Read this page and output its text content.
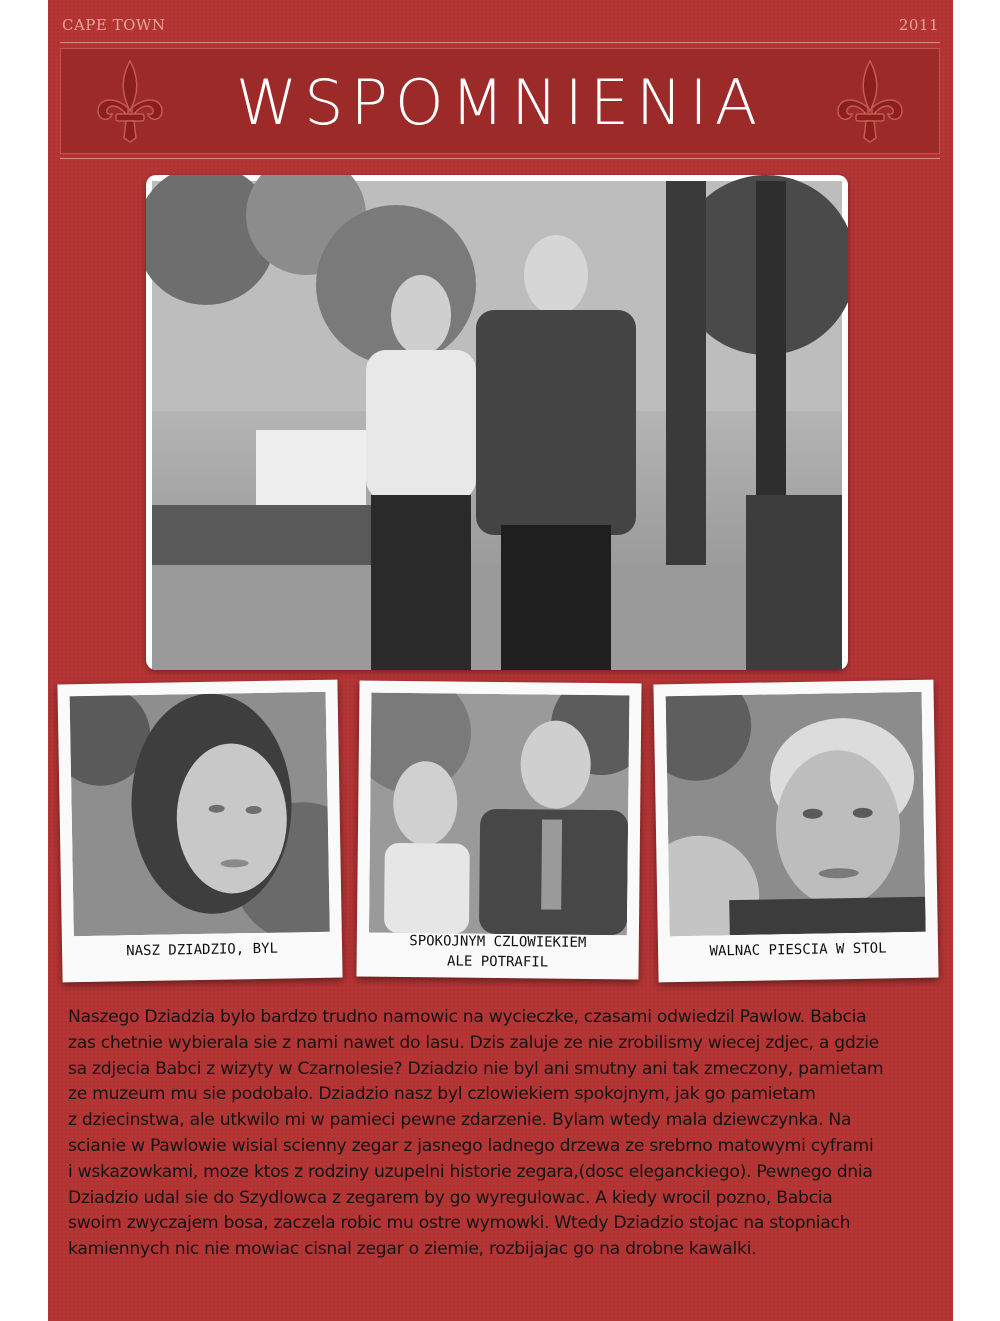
CAPE TOWN	2011
WSPOMNIENIA
NASZ DZIADZIO, BYL	SPOKOJNYM CZLOWIEKIEM
ALE POTRAFIL
WALNAC PIESCIA W STOL
Naszego Dziadzia bylo bardzo trudno namowic na wycieczke, czasami odwiedzil Pawlow. Babcia
zas chetnie wybierala sie z nami nawet do lasu. Dzis zaluje ze nie zrobilismy wiecej zdjec, a gdzie
sa zdjecia Babci z wizyty w Czarnolesie? Dziadzio nie byl ani smutny ani tak zmeczony, pamietam
ze muzeum mu sie podobalo. Dziadzio nasz byl czlowiekiem spokojnym, jak go pamietam
z dziecinstwa, ale utkwilo mi w pamieci pewne zdarzenie. Bylam wtedy mala dziewczynka. Na
scianie w Pawlowie wisial scienny zegar z jasnego ladnego drzewa ze srebrno matowymi cyframi
i wskazowkami, moze ktos z rodziny uzupelni historie zegara,(dosc eleganckiego). Pewnego dnia
Dziadzio udal sie do Szydlowca z zegarem by go wyregulowac. A kiedy wrocil pozno, Babcia
swoim zwyczajem bosa, zaczela robic mu ostre wymowki. Wtedy Dziadzio stojac na stopniach
kamiennych nic nie mowiac cisnal zegar o ziemie, rozbijajac go na drobne kawalki.
